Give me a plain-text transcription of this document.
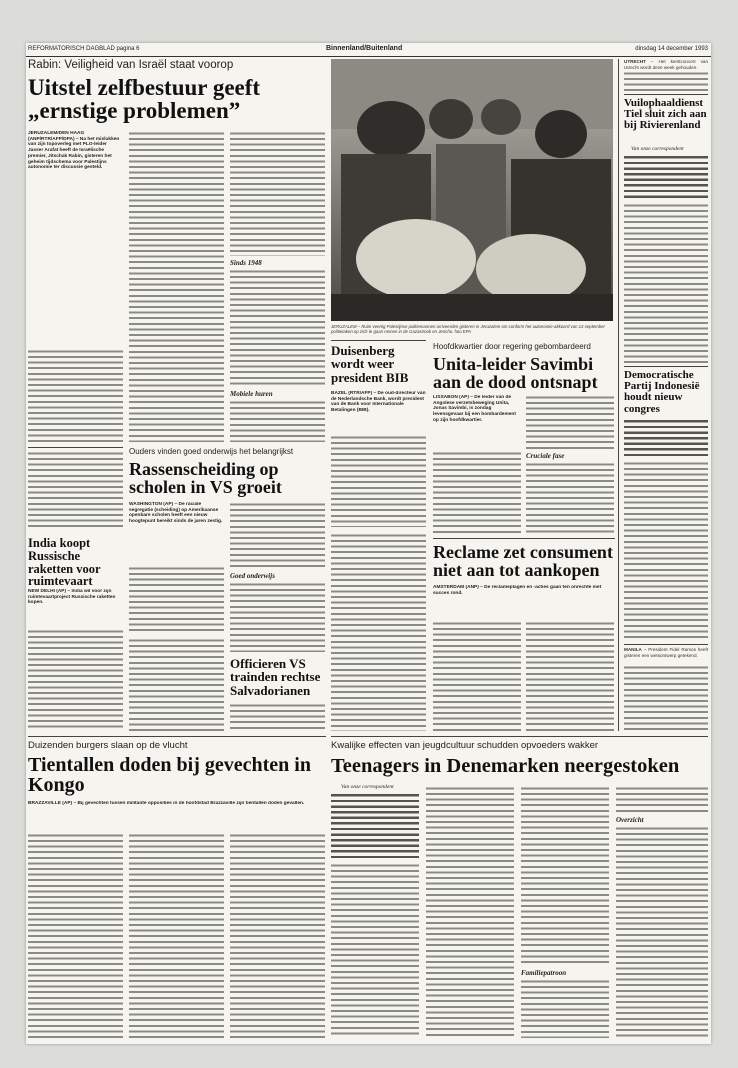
REFORMATORISCH DAGBLAD pagina 6	Binnenland/Buitenland	dinsdag 14 december 1993
Rabin: Veiligheid van Israël staat voorop
Uitstel zelfbestuur geeft „ernstige problemen”
JERUZALEM/DEN HAAG (ANP/RTR/AFP/DPA) – Na het mislukken van zijn topoverleg met PLO-leider Jasser Arafat heeft de Israëlische premier, Jitschak Rabin, gisteren het geheim tijdschema voor Palestijns autonomie ter discussie gesteld.
Sinds 1948
Mobiele huren
JERUZALEM – Ruim veertig Palestijnse politiemannen arriveerden gisteren in Jeruzalem om conform het autonomie-akkoord van 13 september politietaken op zich te gaan nemen in de Gazastrook en Jericho. foto EPA
Duisenberg wordt weer president BIB
BAZEL (RTR/AFP) – De oud-directeur van de Nederlandsche Bank, wordt president van de Bank voor Internationale Betalingen (BIB).
Hoofdkwartier door regering gebombardeerd
Unita-leider Savimbi aan de dood ontsnapt
LISSABON (AP) – De leider van de Angolese verzetsbeweging Unita, Jonas Savimbi, is zondag levensgevaar bij een bombardement op zijn hoofdkwartier.
Cruciale fase
Reclame zet consument niet aan tot aankopen
AMSTERDAM (ANP) – De reclameplagen en -acties gaan ten onrechte met succes rond.
India koopt Russische raketten voor ruimtevaart
NEW DELHI (AP) – India wil voor zijn ruimtevaartproject Russische raketten kopen.
Ouders vinden goed onderwijs het belangrijkst
Rassenscheiding op scholen in VS groeit
WASHINGTON (AP) – De raciale segregatie (scheiding) op Amerikaanse openbare scholen heeft een nieuw hoogtepunt bereikt sinds de jaren zestig.
Goed onderwijs
Officieren VS trainden rechtse Salvadorianen
Duizenden burgers slaan op de vlucht
Tientallen doden bij gevechten in Kongo
BRAZZAVILLE (AP) – Bij gevechten tussen militante opposities in de hoofdstad Brazzaville zijn tientallen doden gevallen.
Kwalijke effecten van jeugdcultuur schudden opvoeders wakker
Teenagers in Denemarken neergestoken
Van onze correspondent
Familiepatroon
Overzicht
UTRECHT – Het kerstconcert van Utrecht wordt deze week gehouden.
Vuilophaaldienst Tiel sluit zich aan bij Rivierenland
Van onze correspondent
Democratische Partij Indonesië houdt nieuw congres
MANILA – President Fidel Ramos heeft gisteren een wetsontwerp getekend.
